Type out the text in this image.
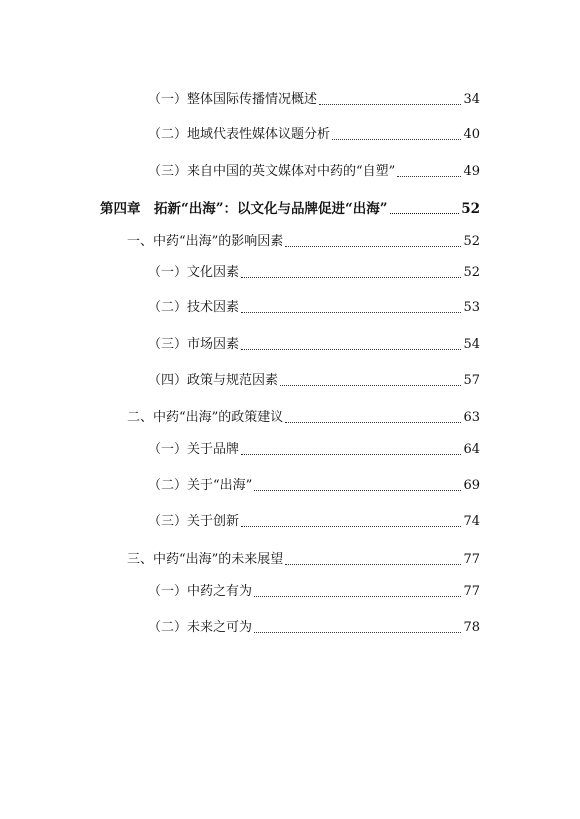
（一）整体国际传播情况概述	34
（二）地域代表性媒体议题分析	40
（三）来自中国的英文媒体对中药的“自塑”	49
第四章 拓新“出海”：以文化与品牌促进“出海”	52
一、中药“出海”的影响因素	52
（一）文化因素	52
（二）技术因素	53
（三）市场因素	54
（四）政策与规范因素	57
二、中药“出海”的政策建议	63
（一）关于品牌	64
（二）关于“出海”	69
（三）关于创新	74
三、中药“出海”的未来展望	77
（一）中药之有为	77
（二）未来之可为	78
